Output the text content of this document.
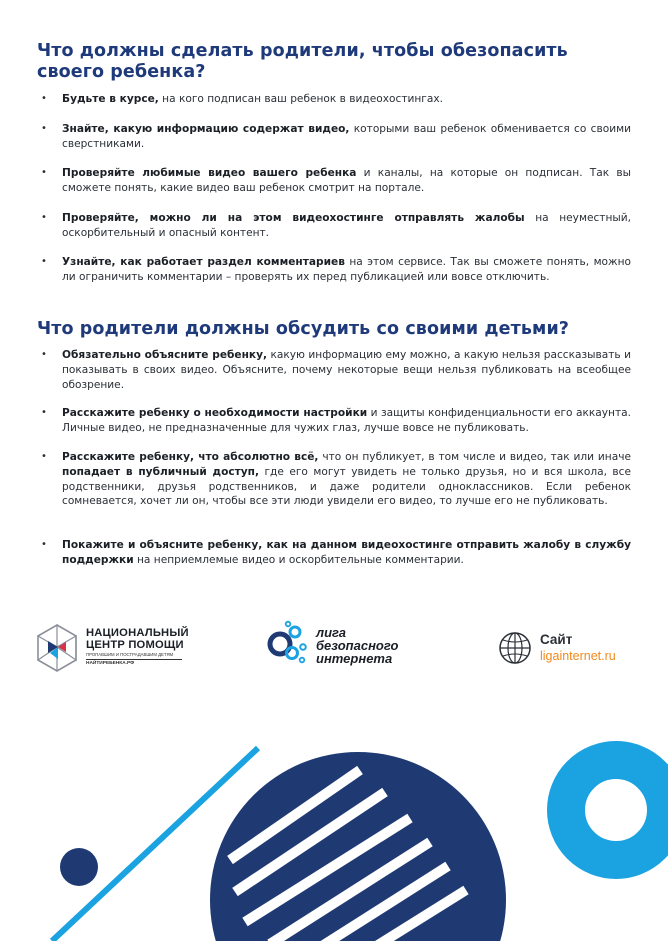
Что должны сделать родители, чтобы обезопасить своего ребенка?
• Будьте в курсе, на кого подписан ваш ребенок в видеохостингах.
• Знайте, какую информацию содержат видео, которыми ваш ребенок обменивается со своими сверстниками.
• Проверяйте любимые видео вашего ребенка и каналы, на которые он подписан. Так вы сможете понять, какие видео ваш ребенок смотрит на портале.
• Проверяйте, можно ли на этом видеохостинге отправлять жалобы на неуместный, оскорбительный и опасный контент.
• Узнайте, как работает раздел комментариев на этом сервисе. Так вы сможете понять, можно ли ограничить комментарии – проверять их перед публикацией или вовсе отключить.
Что родители должны обсудить со своими детьми?
• Обязательно объясните ребенку, какую информацию ему можно, а какую нельзя рассказывать и показывать в своих видео. Объясните, почему некоторые вещи нельзя публиковать на всеобщее обозрение.
• Расскажите ребенку о необходимости настройки и защиты конфиденциальности его аккаунта. Личные видео, не предназначенные для чужих глаз, лучше вовсе не публиковать.
• Расскажите ребенку, что абсолютно всё, что он публикует, в том числе и видео, так или иначе попадает в публичный доступ, где его могут увидеть не только друзья, но и вся школа, все родственники, друзья родственников, и даже родители одноклассников. Если ребенок сомневается, хочет ли он, чтобы все эти люди увидели его видео, то лучше его не публиковать.
• Покажите и объясните ребенку, как на данном видеохостинге отправить жалобу в службу поддержки на неприемлемые видео и оскорбительные комментарии.
НАЦИОНАЛЬНЫЙ
ЦЕНТР ПОМОЩИ
ПРОПАВШИМ И ПОСТРАДАВШИМ ДЕТЯМ
НАЙТИРЕБЕНКА.РФ
лига
безопасного
интернета
Сайт
ligainternet.ru
